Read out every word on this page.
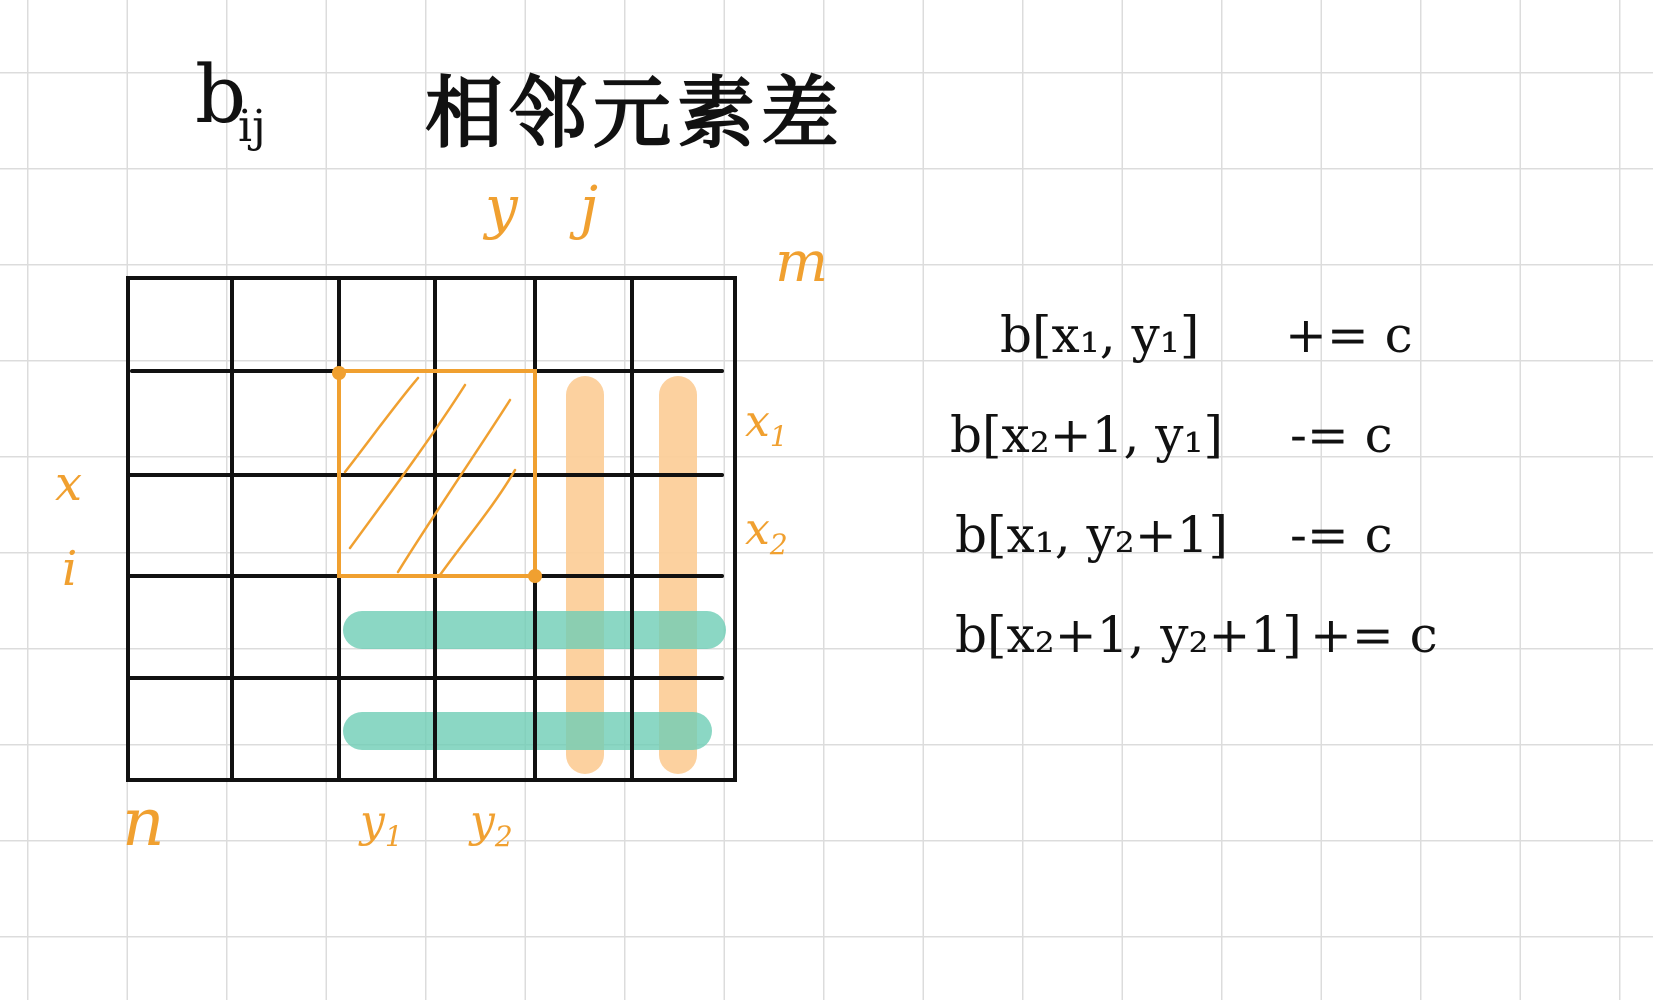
b
ij 相邻元素差
y j
m
x
i
n
$x_1$
$x_2$
$y_1$ $y_2$
b[x₁, y₁] += c
b[x₂+1, y₁] -= c
b[x₁, y₂+1] -= c
b[x₂+1, y₂+1] += c
